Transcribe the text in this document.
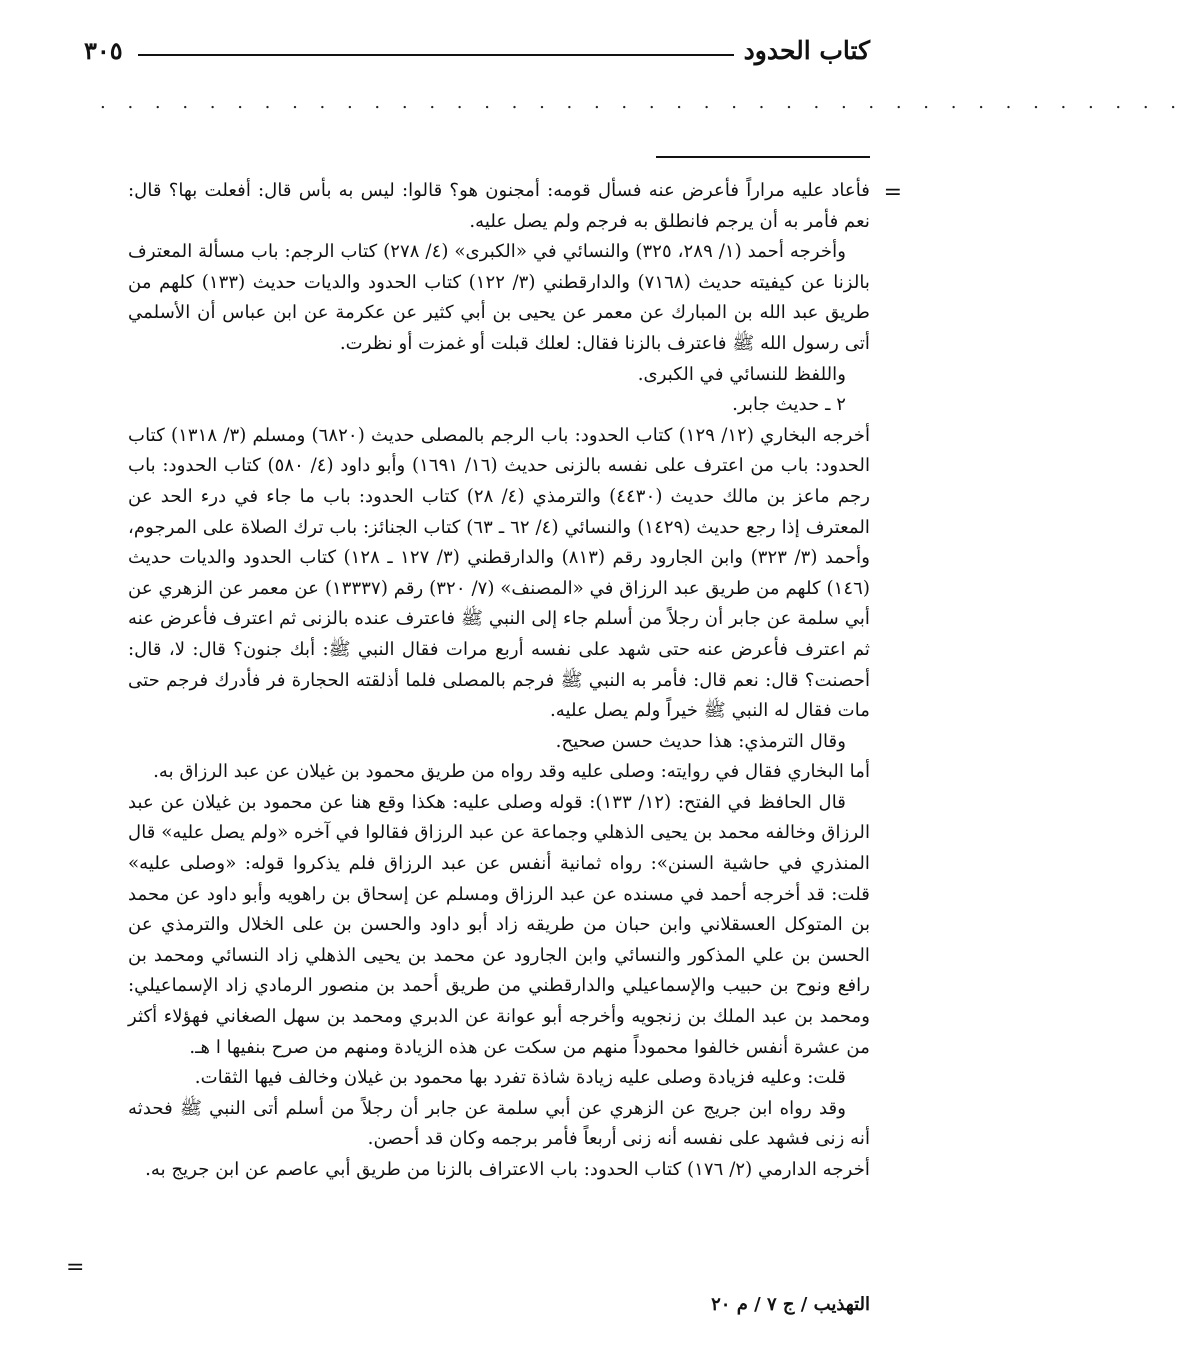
كتاب الحدود
٣٠٥
. . . . . . . . . . . . . . . . . . . . . . . . . . . . . . . . . . . . . . . .
=

فأعاد عليه مراراً فأعرض عنه فسأل قومه: أمجنون هو؟ قالوا: ليس به بأس قال: أفعلت بها؟ قال: نعم فأمر به أن يرجم فانطلق به فرجم ولم يصل عليه.

وأخرجه أحمد (١/ ٢٨٩، ٣٢٥) والنسائي في «الكبرى» (٤/ ٢٧٨) كتاب الرجم: باب مسألة المعترف بالزنا عن كيفيته حديث (٧١٦٨) والدارقطني (٣/ ١٢٢) كتاب الحدود والديات حديث (١٣٣) كلهم من طريق عبد الله بن المبارك عن معمر عن يحيى بن أبي كثير عن عكرمة عن ابن عباس أن الأسلمي أتى رسول الله ﷺ فاعترف بالزنا فقال: لعلك قبلت أو غمزت أو نظرت.

واللفظ للنسائي في الكبرى.

٢ ـ حديث جابر.

أخرجه البخاري (١٢/ ١٢٩) كتاب الحدود: باب الرجم بالمصلى حديث (٦٨٢٠) ومسلم (٣/ ١٣١٨) كتاب الحدود: باب من اعترف على نفسه بالزنى حديث (١٦/ ١٦٩١) وأبو داود (٤/ ٥٨٠) كتاب الحدود: باب رجم ماعز بن مالك حديث (٤٤٣٠) والترمذي (٤/ ٢٨) كتاب الحدود: باب ما جاء في درء الحد عن المعترف إذا رجع حديث (١٤٢٩) والنسائي (٤/ ٦٢ ـ ٦٣) كتاب الجنائز: باب ترك الصلاة على المرجوم، وأحمد (٣/ ٣٢٣) وابن الجارود رقم (٨١٣) والدارقطني (٣/ ١٢٧ ـ ١٢٨) كتاب الحدود والديات حديث (١٤٦) كلهم من طريق عبد الرزاق في «المصنف» (٧/ ٣٢٠) رقم (١٣٣٣٧) عن معمر عن الزهري عن أبي سلمة عن جابر أن رجلاً من أسلم جاء إلى النبي ﷺ فاعترف عنده بالزنى ثم اعترف فأعرض عنه ثم اعترف فأعرض عنه حتى شهد على نفسه أربع مرات فقال النبي ﷺ: أبك جنون؟ قال: لا، قال: أحصنت؟ قال: نعم قال: فأمر به النبي ﷺ فرجم بالمصلى فلما أذلقته الحجارة فر فأدرك فرجم حتى مات فقال له النبي ﷺ خيراً ولم يصل عليه.

وقال الترمذي: هذا حديث حسن صحيح.

أما البخاري فقال في روايته: وصلى عليه وقد رواه من طريق محمود بن غيلان عن عبد الرزاق به.

قال الحافظ في الفتح: (١٢/ ١٣٣): قوله وصلى عليه: هكذا وقع هنا عن محمود بن غيلان عن عبد الرزاق وخالفه محمد بن يحيى الذهلي وجماعة عن عبد الرزاق فقالوا في آخره «ولم يصل عليه» قال المنذري في حاشية السنن»: رواه ثمانية أنفس عن عبد الرزاق فلم يذكروا قوله: «وصلى عليه» قلت: قد أخرجه أحمد في مسنده عن عبد الرزاق ومسلم عن إسحاق بن راهويه وأبو داود عن محمد بن المتوكل العسقلاني وابن حبان من طريقه زاد أبو داود والحسن بن على الخلال والترمذي عن الحسن بن علي المذكور والنسائي وابن الجارود عن محمد بن يحيى الذهلي زاد النسائي ومحمد بن رافع ونوح بن حبيب والإسماعيلي والدارقطني من طريق أحمد بن منصور الرمادي زاد الإسماعيلي: ومحمد بن عبد الملك بن زنجويه وأخرجه أبو عوانة عن الدبري ومحمد بن سهل الصغاني فهؤلاء أكثر من عشرة أنفس خالفوا محموداً منهم من سكت عن هذه الزيادة ومنهم من صرح بنفيها ا هـ.

قلت: وعليه فزيادة وصلى عليه زيادة شاذة تفرد بها محمود بن غيلان وخالف فيها الثقات.

وقد رواه ابن جريج عن الزهري عن أبي سلمة عن جابر أن رجلاً من أسلم أتى النبي ﷺ فحدثه أنه زنى فشهد على نفسه أنه زنى أربعاً فأمر برجمه وكان قد أحصن.

أخرجه الدارمي (٢/ ١٧٦) كتاب الحدود: باب الاعتراف بالزنا من طريق أبي عاصم عن ابن جريج به.

=
التهذيب / ج ٧ / م ٢٠
